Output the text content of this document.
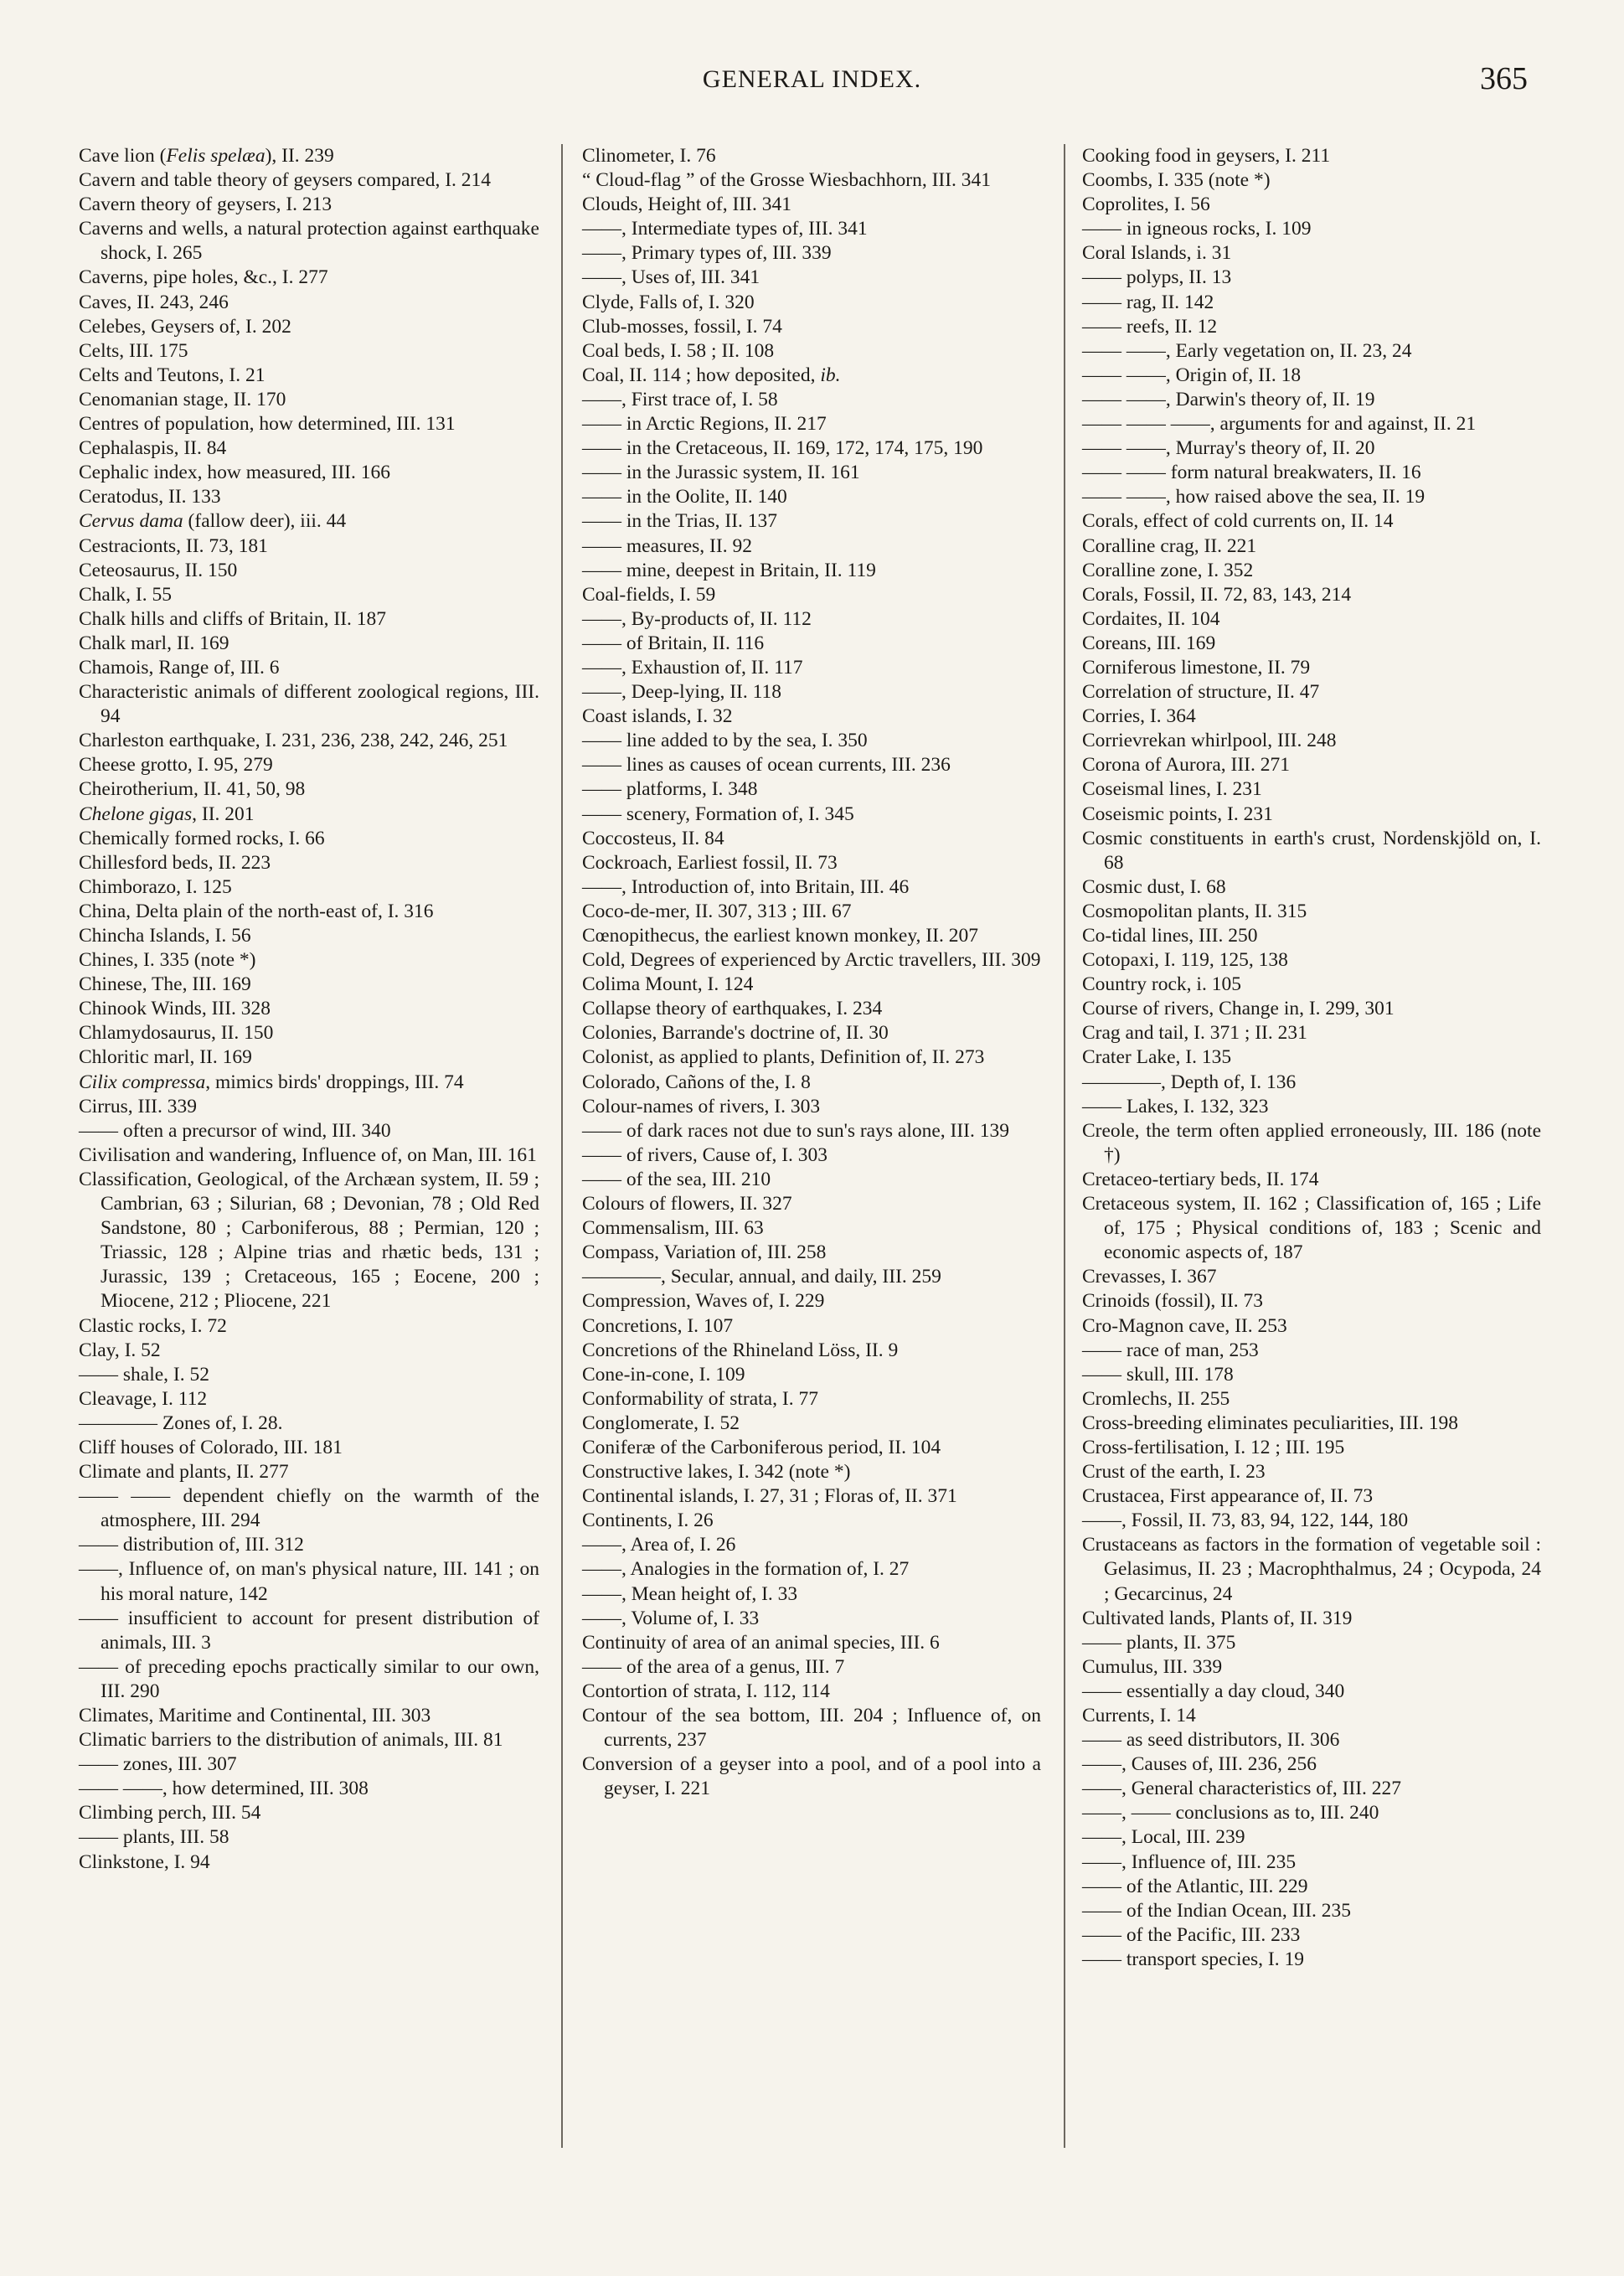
GENERAL INDEX.	365
Cave lion (Felis spelæa), II. 239
Cavern and table theory of geysers compared, I. 214
Cavern theory of geysers, I. 213
Caverns and wells, a natural protection against earthquake shock, I. 265
Caverns, pipe holes, &c., I. 277
Caves, II. 243, 246
Celebes, Geysers of, I. 202
Celts, III. 175
Celts and Teutons, I. 21
Cenomanian stage, II. 170
Centres of population, how determined, III. 131
Cephalaspis, II. 84
Cephalic index, how measured, III. 166
Ceratodus, II. 133
Cervus dama (fallow deer), iii. 44
Cestracionts, II. 73, 181
Ceteosaurus, II. 150
Chalk, I. 55
Chalk hills and cliffs of Britain, II. 187
Chalk marl, II. 169
Chamois, Range of, III. 6
Characteristic animals of different zoological regions, III. 94
Charleston earthquake, I. 231, 236, 238, 242, 246, 251
Cheese grotto, I. 95, 279
Cheirotherium, II. 41, 50, 98
Chelone gigas, II. 201
Chemically formed rocks, I. 66
Chillesford beds, II. 223
Chimborazo, I. 125
China, Delta plain of the north-east of, I. 316
Chincha Islands, I. 56
Chines, I. 335 (note *)
Chinese, The, III. 169
Chinook Winds, III. 328
Chlamydosaurus, II. 150
Chloritic marl, II. 169
Cilix compressa, mimics birds' droppings, III. 74
Cirrus, III. 339
—— often a precursor of wind, III. 340
Civilisation and wandering, Influence of, on Man, III. 161
Classification, Geological, of the Archæan system, II. 59 ; Cambrian, 63 ; Silurian, 68 ; Devonian, 78 ; Old Red Sandstone, 80 ; Carboniferous, 88 ; Permian, 120 ; Triassic, 128 ; Alpine trias and rhætic beds, 131 ; Jurassic, 139 ; Cretaceous, 165 ; Eocene, 200 ; Miocene, 212 ; Pliocene, 221
Clastic rocks, I. 72
Clay, I. 52
—— shale, I. 52
Cleavage, I. 112
———— Zones of, I. 28.
Cliff houses of Colorado, III. 181
Climate and plants, II. 277
—— —— dependent chiefly on the warmth of the atmosphere, III. 294
—— distribution of, III. 312
——, Influence of, on man's physical nature, III. 141 ; on his moral nature, 142
—— insufficient to account for present distribution of animals, III. 3
—— of preceding epochs practically similar to our own, III. 290
Climates, Maritime and Continental, III. 303
Climatic barriers to the distribution of animals, III. 81
—— zones, III. 307
—— ——, how determined, III. 308
Climbing perch, III. 54
—— plants, III. 58
Clinkstone, I. 94
Clinometer, I. 76
“ Cloud-flag ” of the Grosse Wiesbachhorn, III. 341
Clouds, Height of, III. 341
——, Intermediate types of, III. 341
——, Primary types of, III. 339
——, Uses of, III. 341
Clyde, Falls of, I. 320
Club-mosses, fossil, I. 74
Coal beds, I. 58 ; II. 108
Coal, II. 114 ; how deposited, ib.
——, First trace of, I. 58
—— in Arctic Regions, II. 217
—— in the Cretaceous, II. 169, 172, 174, 175, 190
—— in the Jurassic system, II. 161
—— in the Oolite, II. 140
—— in the Trias, II. 137
—— measures, II. 92
—— mine, deepest in Britain, II. 119
Coal-fields, I. 59
——, By-products of, II. 112
—— of Britain, II. 116
——, Exhaustion of, II. 117
——, Deep-lying, II. 118
Coast islands, I. 32
—— line added to by the sea, I. 350
—— lines as causes of ocean currents, III. 236
—— platforms, I. 348
—— scenery, Formation of, I. 345
Coccosteus, II. 84
Cockroach, Earliest fossil, II. 73
——, Introduction of, into Britain, III. 46
Coco-de-mer, II. 307, 313 ; III. 67
Cœnopithecus, the earliest known monkey, II. 207
Cold, Degrees of experienced by Arctic travellers, III. 309
Colima Mount, I. 124
Collapse theory of earthquakes, I. 234
Colonies, Barrande's doctrine of, II. 30
Colonist, as applied to plants, Definition of, II. 273
Colorado, Cañons of the, I. 8
Colour-names of rivers, I. 303
—— of dark races not due to sun's rays alone, III. 139
—— of rivers, Cause of, I. 303
—— of the sea, III. 210
Colours of flowers, II. 327
Commensalism, III. 63
Compass, Variation of, III. 258
————, Secular, annual, and daily, III. 259
Compression, Waves of, I. 229
Concretions, I. 107
Concretions of the Rhineland Löss, II. 9
Cone-in-cone, I. 109
Conformability of strata, I. 77
Conglomerate, I. 52
Coniferæ of the Carboniferous period, II. 104
Constructive lakes, I. 342 (note *)
Continental islands, I. 27, 31 ; Floras of, II. 371
Continents, I. 26
——, Area of, I. 26
——, Analogies in the formation of, I. 27
——, Mean height of, I. 33
——, Volume of, I. 33
Continuity of area of an animal species, III. 6
—— of the area of a genus, III. 7
Contortion of strata, I. 112, 114
Contour of the sea bottom, III. 204 ; Influence of, on currents, 237
Conversion of a geyser into a pool, and of a pool into a geyser, I. 221
Cooking food in geysers, I. 211
Coombs, I. 335 (note *)
Coprolites, I. 56
—— in igneous rocks, I. 109
Coral Islands, i. 31
—— polyps, II. 13
—— rag, II. 142
—— reefs, II. 12
—— ——, Early vegetation on, II. 23, 24
—— ——, Origin of, II. 18
—— ——, Darwin's theory of, II. 19
—— —— ——, arguments for and against, II. 21
—— ——, Murray's theory of, II. 20
—— —— form natural breakwaters, II. 16
—— ——, how raised above the sea, II. 19
Corals, effect of cold currents on, II. 14
Coralline crag, II. 221
Coralline zone, I. 352
Corals, Fossil, II. 72, 83, 143, 214
Cordaites, II. 104
Coreans, III. 169
Corniferous limestone, II. 79
Correlation of structure, II. 47
Corries, I. 364
Corrievrekan whirlpool, III. 248
Corona of Aurora, III. 271
Coseismal lines, I. 231
Coseismic points, I. 231
Cosmic constituents in earth's crust, Nordenskjöld on, I. 68
Cosmic dust, I. 68
Cosmopolitan plants, II. 315
Co-tidal lines, III. 250
Cotopaxi, I. 119, 125, 138
Country rock, i. 105
Course of rivers, Change in, I. 299, 301
Crag and tail, I. 371 ; II. 231
Crater Lake, I. 135
————, Depth of, I. 136
—— Lakes, I. 132, 323
Creole, the term often applied erroneously, III. 186 (note †)
Cretaceo-tertiary beds, II. 174
Cretaceous system, II. 162 ; Classification of, 165 ; Life of, 175 ; Physical conditions of, 183 ; Scenic and economic aspects of, 187
Crevasses, I. 367
Crinoids (fossil), II. 73
Cro-Magnon cave, II. 253
—— race of man, 253
—— skull, III. 178
Cromlechs, II. 255
Cross-breeding eliminates peculiarities, III. 198
Cross-fertilisation, I. 12 ; III. 195
Crust of the earth, I. 23
Crustacea, First appearance of, II. 73
——, Fossil, II. 73, 83, 94, 122, 144, 180
Crustaceans as factors in the formation of vegetable soil : Gelasimus, II. 23 ; Macrophthalmus, 24 ; Ocypoda, 24 ; Gecarcinus, 24
Cultivated lands, Plants of, II. 319
—— plants, II. 375
Cumulus, III. 339
—— essentially a day cloud, 340
Currents, I. 14
—— as seed distributors, II. 306
——, Causes of, III. 236, 256
——, General characteristics of, III. 227
——, —— conclusions as to, III. 240
——, Local, III. 239
——, Influence of, III. 235
—— of the Atlantic, III. 229
—— of the Indian Ocean, III. 235
—— of the Pacific, III. 233
—— transport species, I. 19
